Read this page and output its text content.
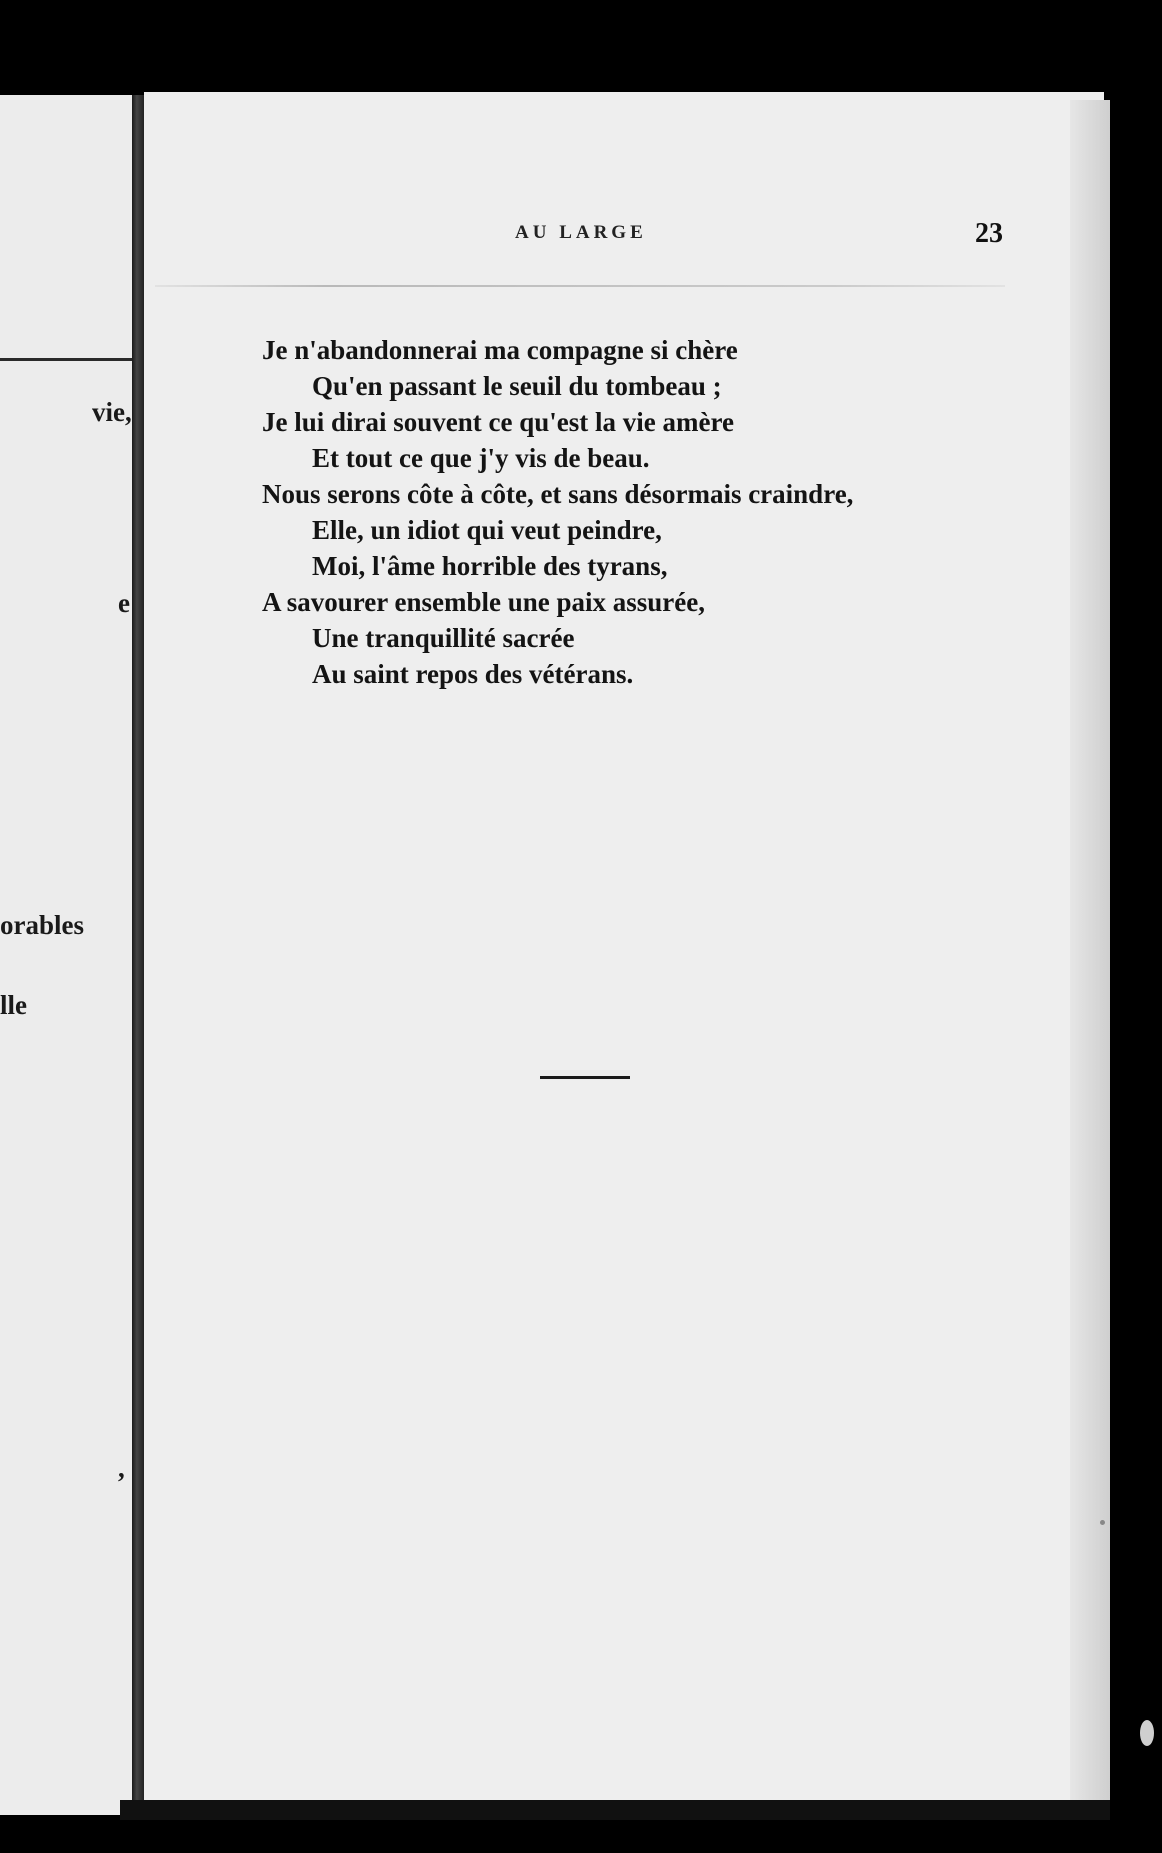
vie,
e
orables
lle
,
AU LARGE	23
Je n'abandonnerai ma compagne si chère
Qu'en passant le seuil du tombeau ;
Je lui dirai souvent ce qu'est la vie amère
Et tout ce que j'y vis de beau.
Nous serons côte à côte, et sans désormais craindre,
Elle, un idiot qui veut peindre,
Moi, l'âme horrible des tyrans,
A savourer ensemble une paix assurée,
Une tranquillité sacrée
Au saint repos des vétérans.
